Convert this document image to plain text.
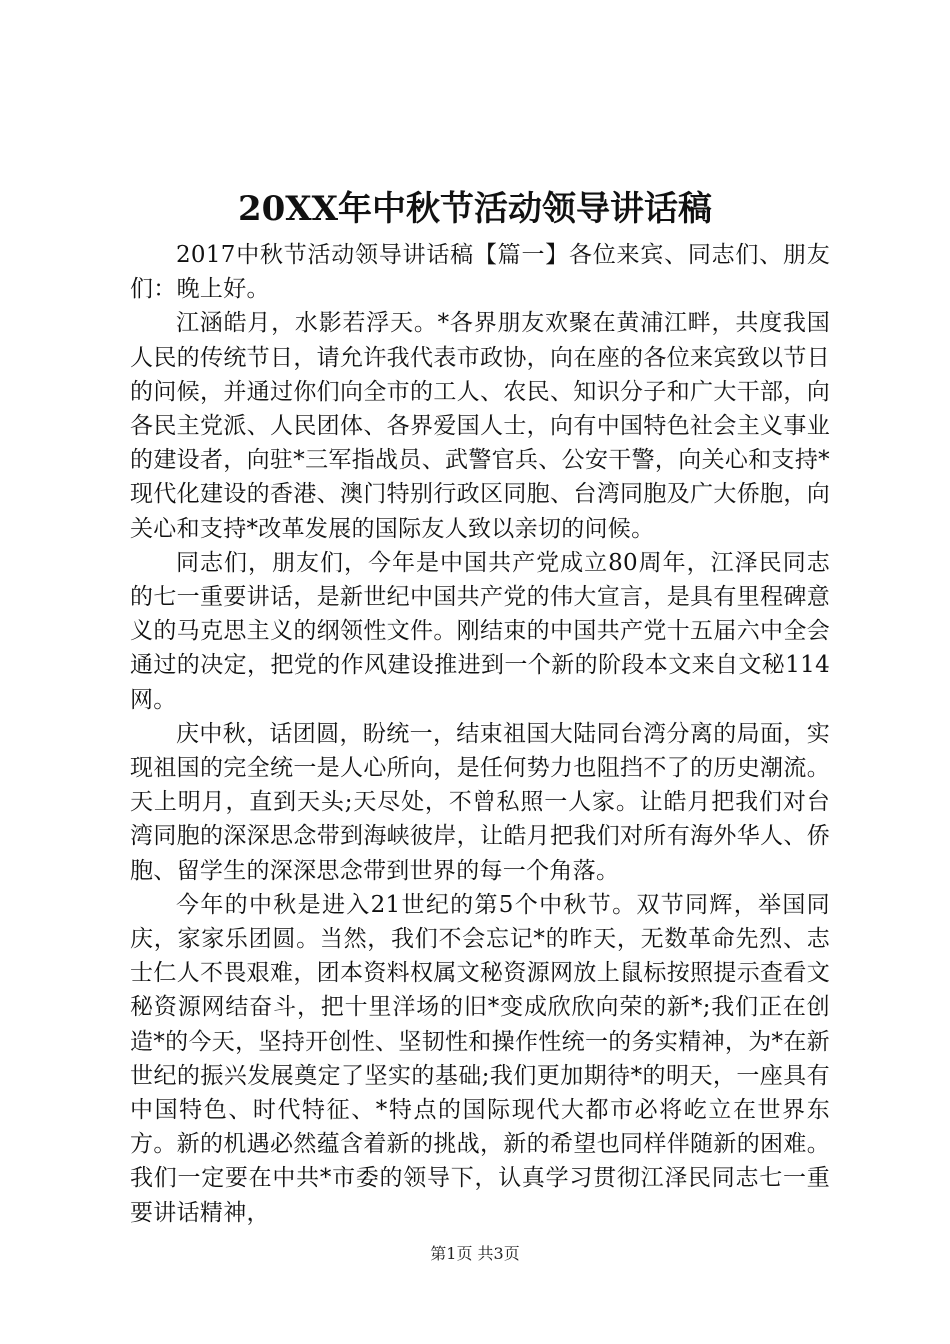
20XX年中秋节活动领导讲话稿

2017中秋节活动领导讲话稿【篇一】各位来宾、同志们、朋友们：晚上好。

江涵皓月，水影若浮天。*各界朋友欢聚在黄浦江畔，共度我国人民的传统节日，请允许我代表市政协，向在座的各位来宾致以节日的问候，并通过你们向全市的工人、农民、知识分子和广大干部，向各民主党派、人民团体、各界爱国人士，向有中国特色社会主义事业的建设者，向驻*三军指战员、武警官兵、公安干警，向关心和支持*现代化建设的香港、澳门特别行政区同胞、台湾同胞及广大侨胞，向关心和支持*改革发展的国际友人致以亲切的问候。

同志们，朋友们，今年是中国共产党成立80周年，江泽民同志的七一重要讲话，是新世纪中国共产党的伟大宣言，是具有里程碑意义的马克思主义的纲领性文件。刚结束的中国共产党十五届六中全会通过的决定，把党的作风建设推进到一个新的阶段本文来自文秘114网。

庆中秋，话团圆，盼统一，结束祖国大陆同台湾分离的局面，实现祖国的完全统一是人心所向，是任何势力也阻挡不了的历史潮流。天上明月，直到天头;天尽处，不曾私照一人家。让皓月把我们对台湾同胞的深深思念带到海峡彼岸，让皓月把我们对所有海外华人、侨胞、留学生的深深思念带到世界的每一个角落。

今年的中秋是进入21世纪的第5个中秋节。双节同辉，举国同庆，家家乐团圆。当然，我们不会忘记*的昨天，无数革命先烈、志士仁人不畏艰难，团本资料权属文秘资源网放上鼠标按照提示查看文秘资源网结奋斗，把十里洋场的旧*变成欣欣向荣的新*;我们正在创造*的今天，坚持开创性、坚韧性和操作性统一的务实精神，为*在新世纪的振兴发展奠定了坚实的基础;我们更加期待*的明天，一座具有中国特色、时代特征、*特点的国际现代大都市必将屹立在世界东方。新的机遇必然蕴含着新的挑战，新的希望也同样伴随新的困难。我们一定要在中共*市委的领导下，认真学习贯彻江泽民同志七一重要讲话精神，

第1页 共3页
